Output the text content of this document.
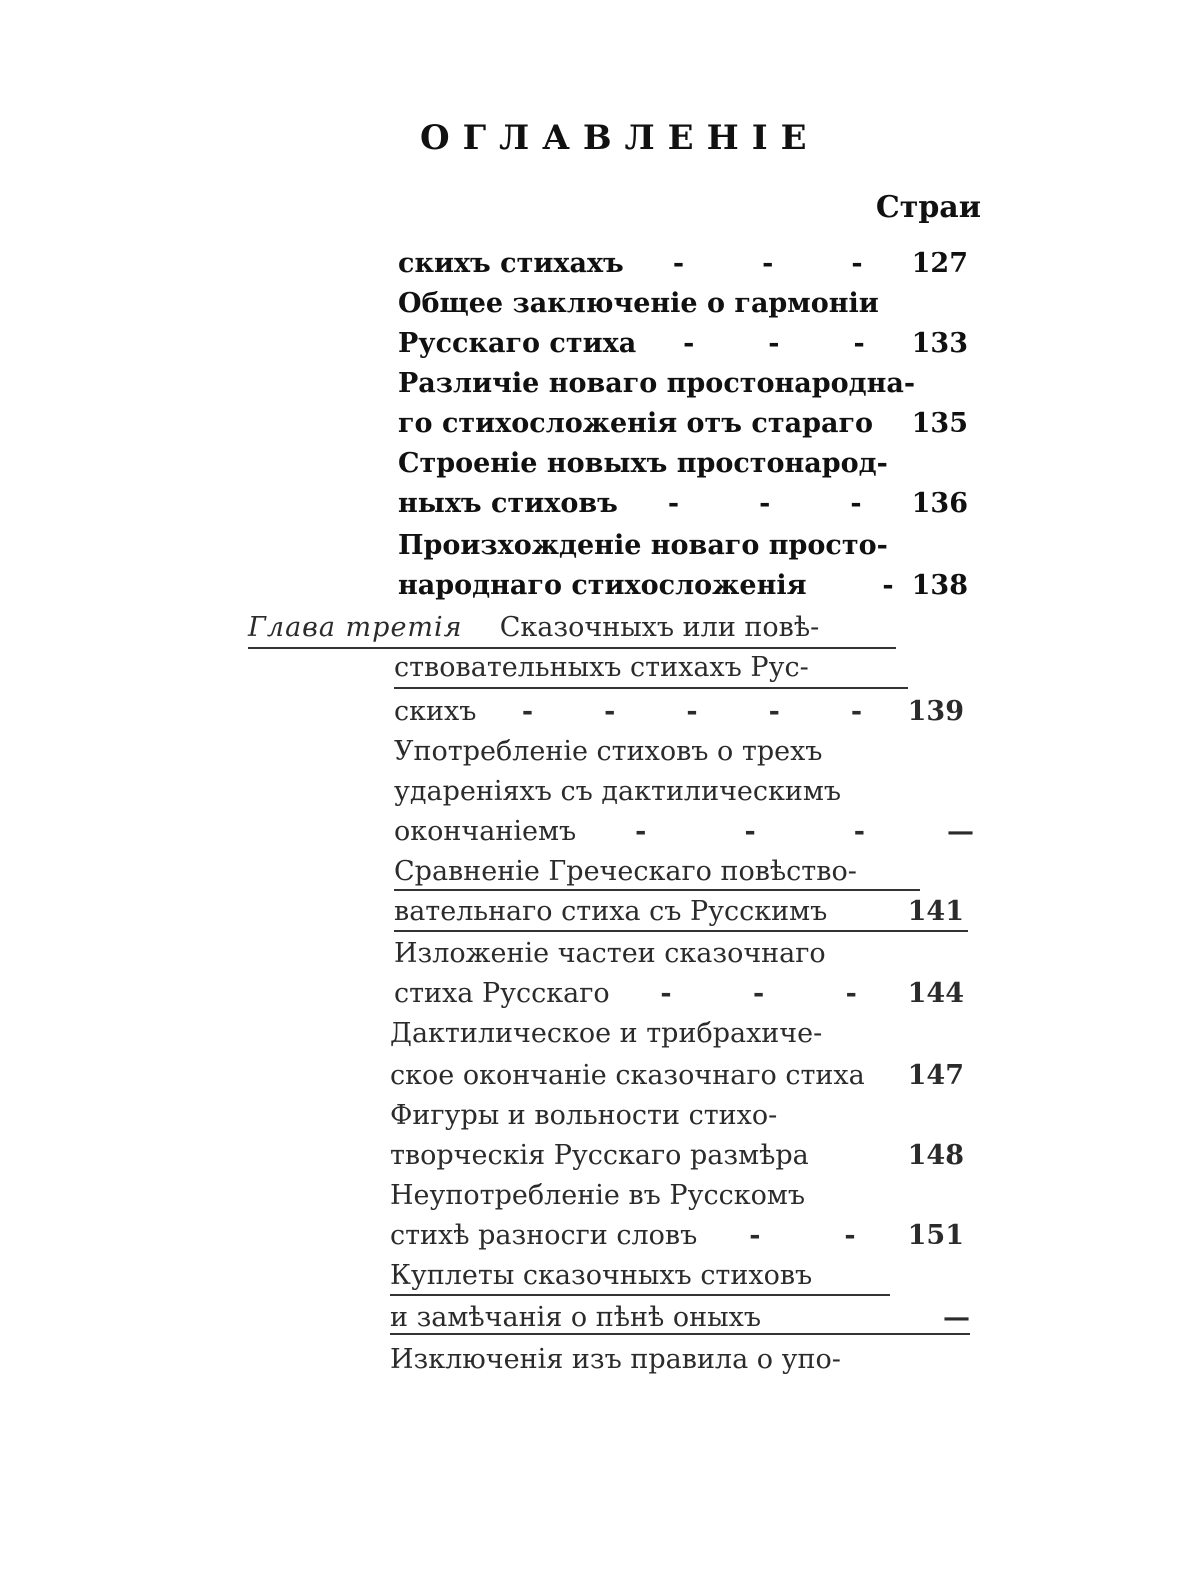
ОГЛАВЛЕНІЕ
Страи
скихъ стихахъ -	-	- 127
Общее заключеніе о гармоніи
Русскаго стиха -	-	- 133
Различіе новаго простонародна-
го стихосложенія отъ стараго 135
Строеніе новыхъ простонарод-
ныхъ стиховъ -	-	- 136
Произхожденіе новаго просто-
народнаго стихосложенія	- 138
Глава третія Сказочныхъ или повѣ-
ствовательныхъ стихахъ Рус-
скихъ -	-	-	-	- 139
Употребленіе стиховъ о трехъ
удареніяхъ съ дактилическимъ
окончаніемъ -	-	-	—
Сравненіе Греческаго повѣство-
вательнаго стиха съ Русскимъ	141
Изложеніе частеи сказочнаго
стиха Русскаго -	-	- 144
Дактилическое и трибрахиче-
ское окончаніе сказочнаго стиха 147
Фигуры и вольности стихо-
творческія Русскаго размѣра	148
Неупотребленіе въ Русскомъ
стихѣ разносги словъ -	- 151
Куплеты сказочныхъ стиховъ
и замѣчанія о пѣнѣ оныхъ	—
Изключенія изъ правила о упо-
